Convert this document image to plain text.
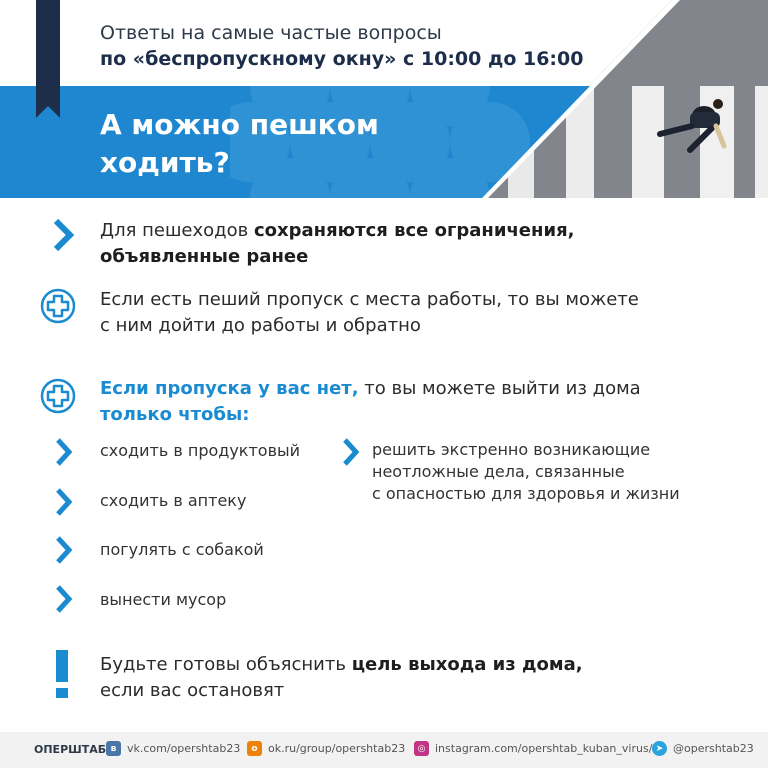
Ответы на самые частые вопросы
по «беспропускному окну» с 10:00 до 16:00
А можно пешком
ходить?
Для пешеходов сохраняются все ограничения,
объявленные ранее
Если есть пеший пропуск с места работы, то вы можете
с ним дойти до работы и обратно
Если пропуска у вас нет, то вы можете выйти из дома
только чтобы:
сходить в продуктовый
сходить в аптеку
погулять с собакой
вынести мусор
решить экстренно возникающие
неотложные дела, связанные
с опасностью для здоровья и жизни
Будьте готовы объяснить цель выхода из дома,
если вас остановят
ОПЕРШТАБ в vk.com/opershtab23	о ok.ru/group/opershtab23	◎ instagram.com/opershtab_kuban_virus/ ➤ @opershtab23
